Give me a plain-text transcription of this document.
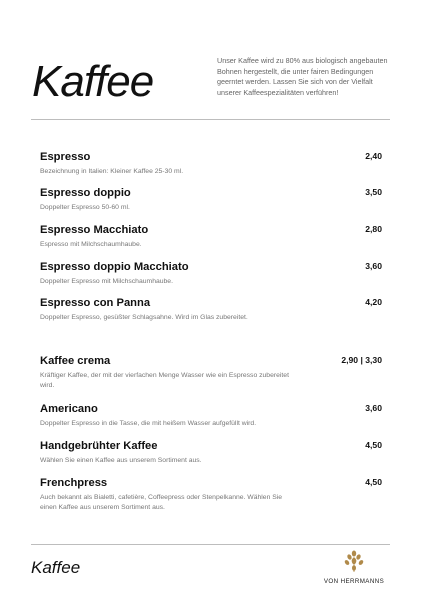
Kaffee	Unser Kaffee wird zu 80% aus biologisch angebauten Bohnen hergestellt, die unter fairen Bedingungen geerntet werden. Lassen Sie sich von der Vielfalt unserer Kaffeespezialitäten verführen!
Espresso
Bezeichnung in Italien: Kleiner Kaffee 25-30 ml.
2,40
Espresso doppio
Doppelter Espresso 50-60 ml.
3,50
Espresso Macchiato
Espresso mit Milchschaumhaube.
2,80
Espresso doppio Macchiato
Doppelter Espresso mit Milchschaumhaube.
3,60
Espresso con Panna
Doppelter Espresso, gesüßter Schlagsahne. Wird im Glas zubereitet.
4,20
Kaffee crema
Kräftiger Kaffee, der mit der vierfachen Menge Wasser wie ein Espresso zubereitet wird.
2,90 | 3,30
Americano
Doppelter Espresso in die Tasse, die mit heißem Wasser aufgefüllt wird.
3,60
Handgebrühter Kaffee
Wählen Sie einen Kaffee aus unserem Sortiment aus.
4,50
Frenchpress
Auch bekannt als Bialetti, cafetière, Coffeepress oder Stenpelkanne. Wählen Sie einen Kaffee aus unserem Sortiment aus.
4,50
Kaffee
VON HERRMANNS
